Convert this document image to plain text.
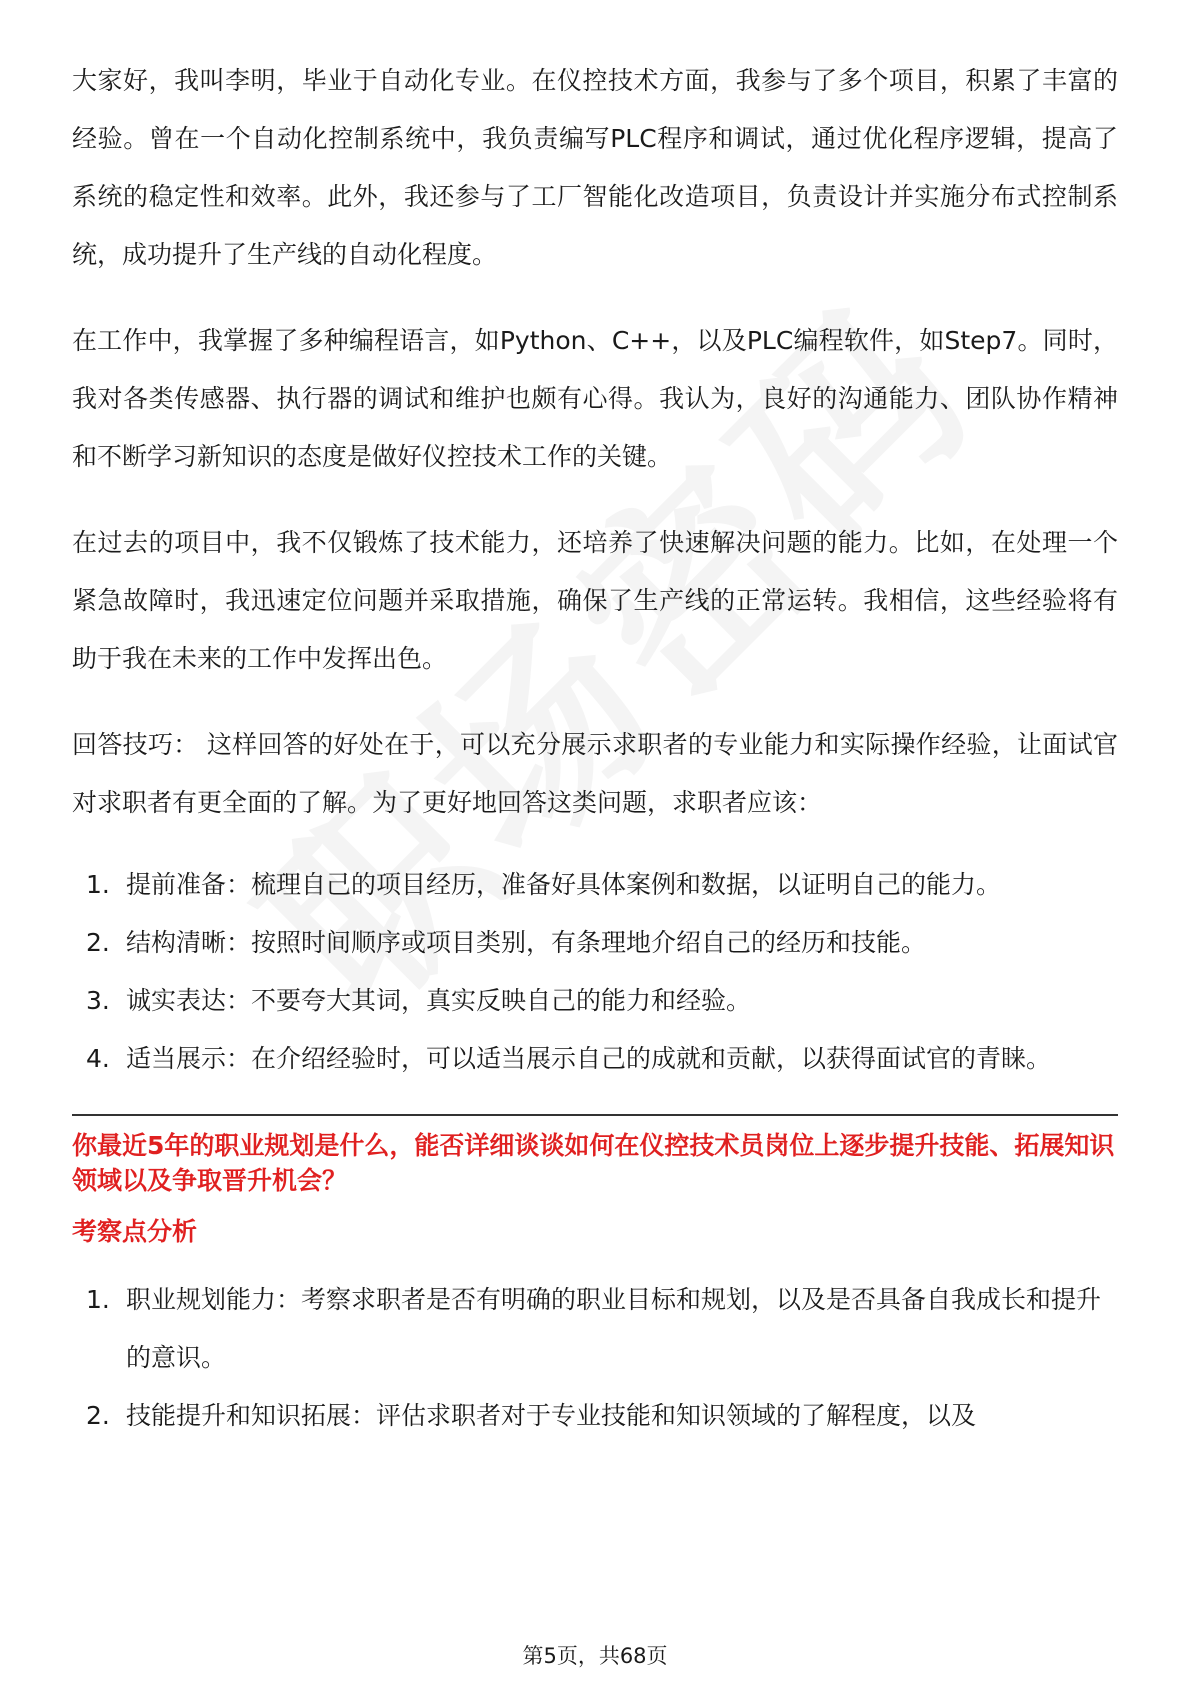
大家好，我叫李明，毕业于自动化专业。在仪控技术方面，我参与了多个项目，积累了丰富的经验。曾在一个自动化控制系统中，我负责编写PLC程序和调试，通过优化程序逻辑，提高了系统的稳定性和效率。此外，我还参与了工厂智能化改造项目，负责设计并实施分布式控制系统，成功提升了生产线的自动化程度。

在工作中，我掌握了多种编程语言，如Python、C++，以及PLC编程软件，如Step7。同时，我对各类传感器、执行器的调试和维护也颇有心得。我认为，良好的沟通能力、团队协作精神和不断学习新知识的态度是做好仪控技术工作的关键。

在过去的项目中，我不仅锻炼了技术能力，还培养了快速解决问题的能力。比如，在处理一个紧急故障时，我迅速定位问题并采取措施，确保了生产线的正常运转。我相信，这些经验将有助于我在未来的工作中发挥出色。

回答技巧： 这样回答的好处在于，可以充分展示求职者的专业能力和实际操作经验，让面试官对求职者有更全面的了解。为了更好地回答这类问题，求职者应该：

1. 提前准备：梳理自己的项目经历，准备好具体案例和数据，以证明自己的能力。
2. 结构清晰：按照时间顺序或项目类别，有条理地介绍自己的经历和技能。
3. 诚实表达：不要夸大其词，真实反映自己的能力和经验。
4. 适当展示：在介绍经验时，可以适当展示自己的成就和贡献，以获得面试官的青睐。
你最近5年的职业规划是什么，能否详细谈谈如何在仪控技术员岗位上逐步提升技能、拓展知识领域以及争取晋升机会？
考察点分析
1. 职业规划能力：考察求职者是否有明确的职业目标和规划，以及是否具备自我成长和提升的意识。
2. 技能提升和知识拓展：评估求职者对于专业技能和知识领域的了解程度，以及
第5页，共68页
